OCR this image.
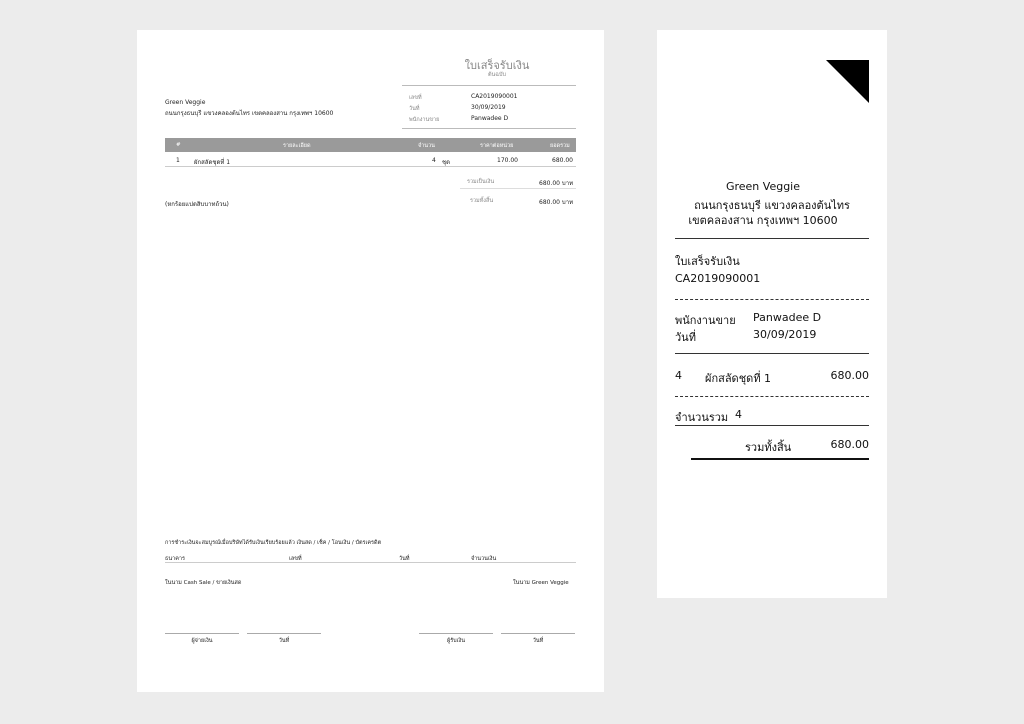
ใบเสร็จรับเงิน
ต้นฉบับ
Green Veggie
ถนนกรุงธนบุรี แขวงคลองต้นไทร เขตคลองสาน กรุงเทพฯ 10600
เลขที่	CA2019090001
วันที่	30/09/2019
พนักงานขาย	Panwadee D
#	รายละเอียด	จำนวน	ราคาต่อหน่วย	ยอดรวม
1 ผักสลัดชุดที่ 1	4 ชุด	170.00	680.00
รวมเป็นเงิน	680.00 บาท
รวมทั้งสิ้น	680.00 บาท
(หกร้อยแปดสิบบาทถ้วน)
การชำระเงินจะสมบูรณ์เมื่อบริษัทได้รับเงินเรียบร้อยแล้ว เงินสด / เช็ค / โอนเงิน / บัตรเครดิต
ธนาคาร	เลขที่	วันที่	จำนวนเงิน
ในนาม Cash Sale / ขายเงินสด	ในนาม Green Veggie
ผู้จ่ายเงิน	วันที่	ผู้รับเงิน	วันที่
Green Veggie
ถนนกรุงธนบุรี แขวงคลองต้นไทร
เขตคลองสาน กรุงเทพฯ 10600
ใบเสร็จรับเงิน
CA2019090001
พนักงานขาย Panwadee D
วันที่	30/09/2019
4 ผักสลัดชุดที่ 1	680.00
จำนวนรวม 4
รวมทั้งสิ้น	680.00
